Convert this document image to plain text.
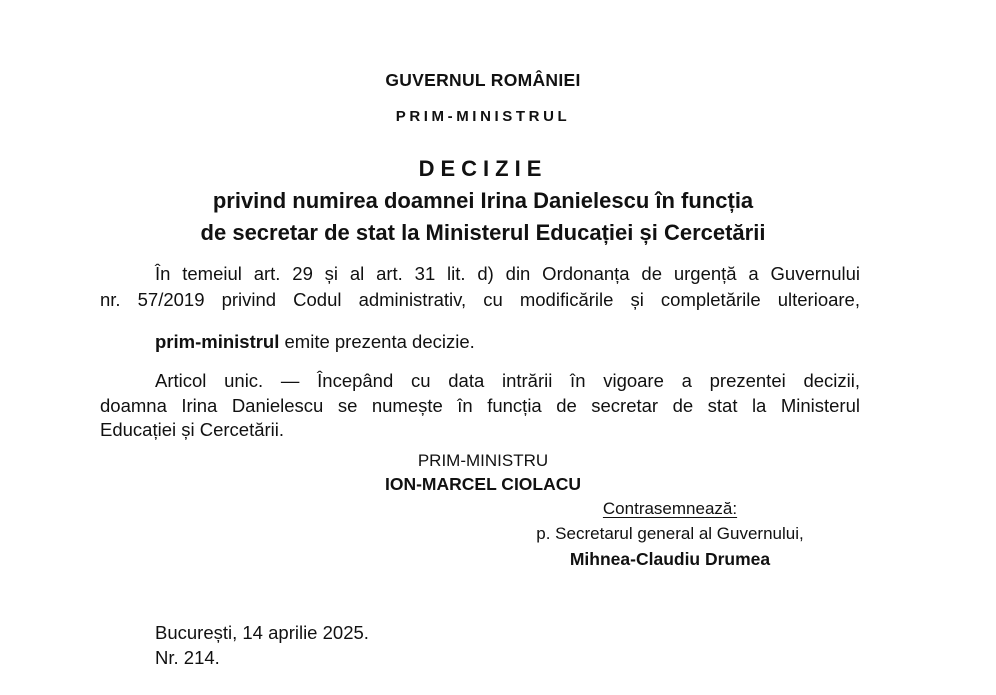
GUVERNUL ROMÂNIEI
PRIM-MINISTRUL
DECIZIE
privind numirea doamnei Irina Danielescu în funcția
de secretar de stat la Ministerul Educației și Cercetării
În temeiul art. 29 și al art. 31 lit. d) din Ordonanța de urgență a Guvernului
nr. 57/2019 privind Codul administrativ, cu modificările și completările ulterioare,
prim-ministrul emite prezenta decizie.
Articol unic. — Începând cu data intrării în vigoare a prezentei decizii,
doamna Irina Danielescu se numește în funcția de secretar de stat la Ministerul
Educației și Cercetării.
PRIM-MINISTRU
ION-MARCEL CIOLACU
Contrasemnează:
p. Secretarul general al Guvernului,
Mihnea-Claudiu Drumea
București, 14 aprilie 2025.
Nr. 214.
